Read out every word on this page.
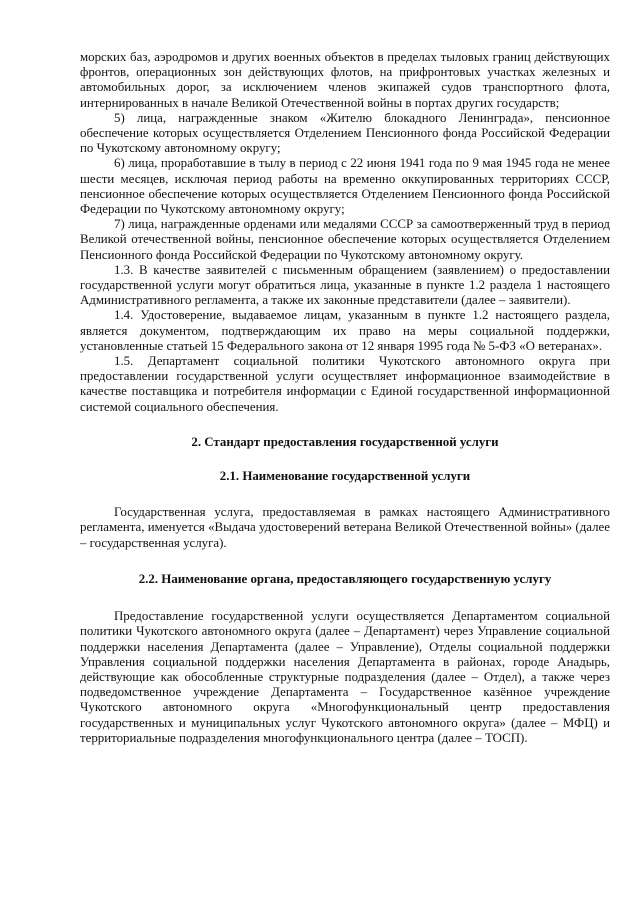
морских баз, аэродромов и других военных объектов в пределах тыловых границ действующих фронтов, операционных зон действующих флотов, на прифронтовых участках железных и автомобильных дорог, за исключением членов экипажей судов транспортного флота, интернированных в начале Великой Отечественной войны в портах других государств;

5) лица, награжденные знаком «Жителю блокадного Ленинграда», пенсионное обеспечение которых осуществляется Отделением Пенсионного фонда Российской Федерации по Чукотскому автономному округу;

6) лица, проработавшие в тылу в период с 22 июня 1941 года по 9 мая 1945 года не менее шести месяцев, исключая период работы на временно оккупированных территориях СССР, пенсионное обеспечение которых осуществляется Отделением Пенсионного фонда Российской Федерации по Чукотскому автономному округу;

7) лица, награжденные орденами или медалями СССР за самоотверженный труд в период Великой отечественной войны, пенсионное обеспечение которых осуществляется Отделением Пенсионного фонда Российской Федерации по Чукотскому автономному округу.

1.3. В качестве заявителей с письменным обращением (заявлением) о предоставлении государственной услуги могут обратиться лица, указанные в пункте 1.2 раздела 1 настоящего Административного регламента, а также их законные представители (далее – заявители).

1.4. Удостоверение, выдаваемое лицам, указанным в пункте 1.2 настоящего раздела, является документом, подтверждающим их право на меры социальной поддержки, установленные статьей 15 Федерального закона от 12 января 1995 года № 5-ФЗ «О ветеранах».

1.5. Департамент социальной политики Чукотского автономного округа при предоставлении государственной услуги осуществляет информационное взаимодействие в качестве поставщика и потребителя информации с Единой государственной информационной системой социального обеспечения.

2. Стандарт предоставления государственной услуги

2.1. Наименование государственной услуги

Государственная услуга, предоставляемая в рамках настоящего Административного регламента, именуется «Выдача удостоверений ветерана Великой Отечественной войны» (далее – государственная услуга).

2.2. Наименование органа, предоставляющего государственную услугу

Предоставление государственной услуги осуществляется Департаментом социальной политики Чукотского автономного округа (далее – Департамент) через Управление социальной поддержки населения Департамента (далее – Управление), Отделы социальной поддержки Управления социальной поддержки населения Департамента в районах, городе Анадырь, действующие как обособленные структурные подразделения (далее – Отдел), а также через подведомственное учреждение Департамента – Государственное казённое учреждение Чукотского автономного округа «Многофункциональный центр предоставления государственных и муниципальных услуг Чукотского автономного округа» (далее – МФЦ) и территориальные подразделения многофункционального центра (далее – ТОСП).
